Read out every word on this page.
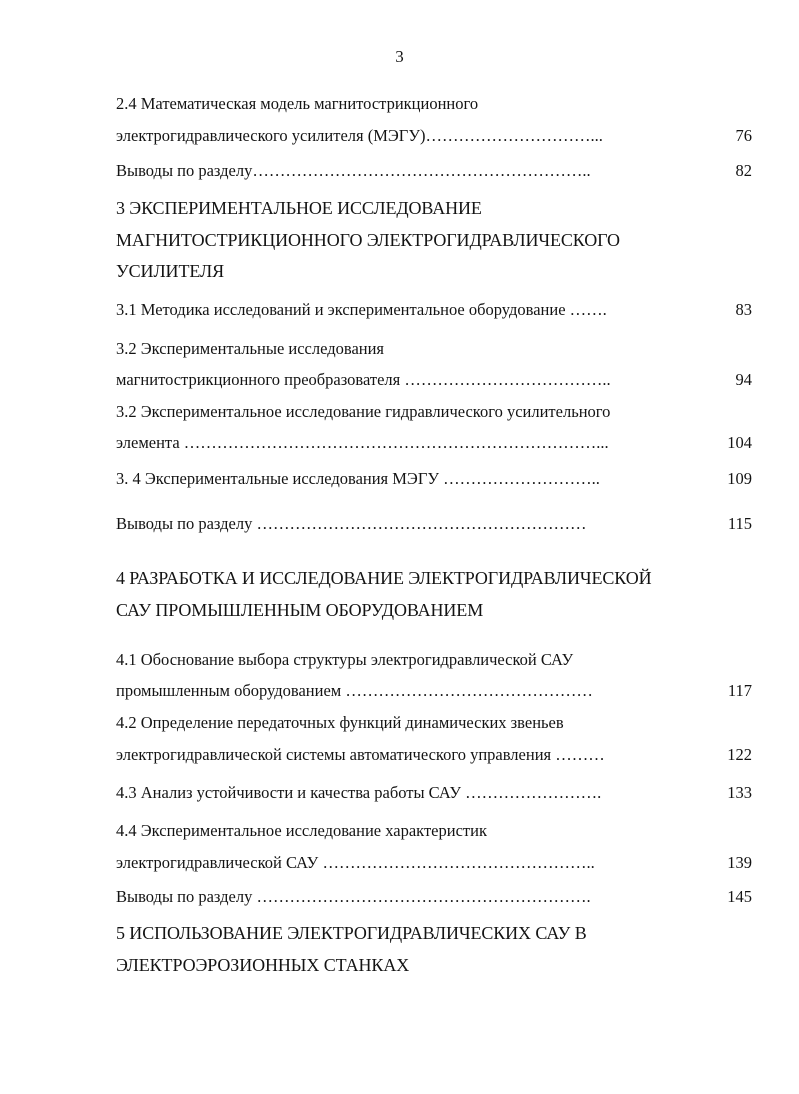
3
2.4 Математическая модель магнитострикционного
электрогидравлического усилителя (МЭГУ)…………………………...	76
Выводы по разделу……………………………………………………..	82
3 ЭКСПЕРИМЕНТАЛЬНОЕ ИССЛЕДОВАНИЕ
МАГНИТОСТРИКЦИОННОГО ЭЛЕКТРОГИДРАВЛИЧЕСКОГО
УСИЛИТЕЛЯ
3.1 Методика исследований и экспериментальное оборудование …….	83
3.2 Экспериментальные исследования
магнитострикционного преобразователя ………………………………..	94
3.2 Экспериментальное исследование гидравлического усилительного
элемента …………………………………………………………………...	104
3. 4 Экспериментальные исследования МЭГУ ………………………..	109
Выводы по разделу ……………………………………………………	115
4 РАЗРАБОТКА И ИССЛЕДОВАНИЕ ЭЛЕКТРОГИДРАВЛИЧЕСКОЙ
САУ ПРОМЫШЛЕННЫМ ОБОРУДОВАНИЕМ
4.1 Обоснование выбора структуры электрогидравлической САУ
промышленным оборудованием ………………………………………	117
4.2 Определение передаточных функций динамических звеньев
электрогидравлической системы автоматического управления ………	122
4.3 Анализ устойчивости и качества работы САУ …………………….	133
4.4 Экспериментальное исследование характеристик
электрогидравлической САУ …………………………………………..	139
Выводы по разделу …………………………………………………….	145
5 ИСПОЛЬЗОВАНИЕ ЭЛЕКТРОГИДРАВЛИЧЕСКИХ САУ В
ЭЛЕКТРОЭРОЗИОННЫХ СТАНКАХ
